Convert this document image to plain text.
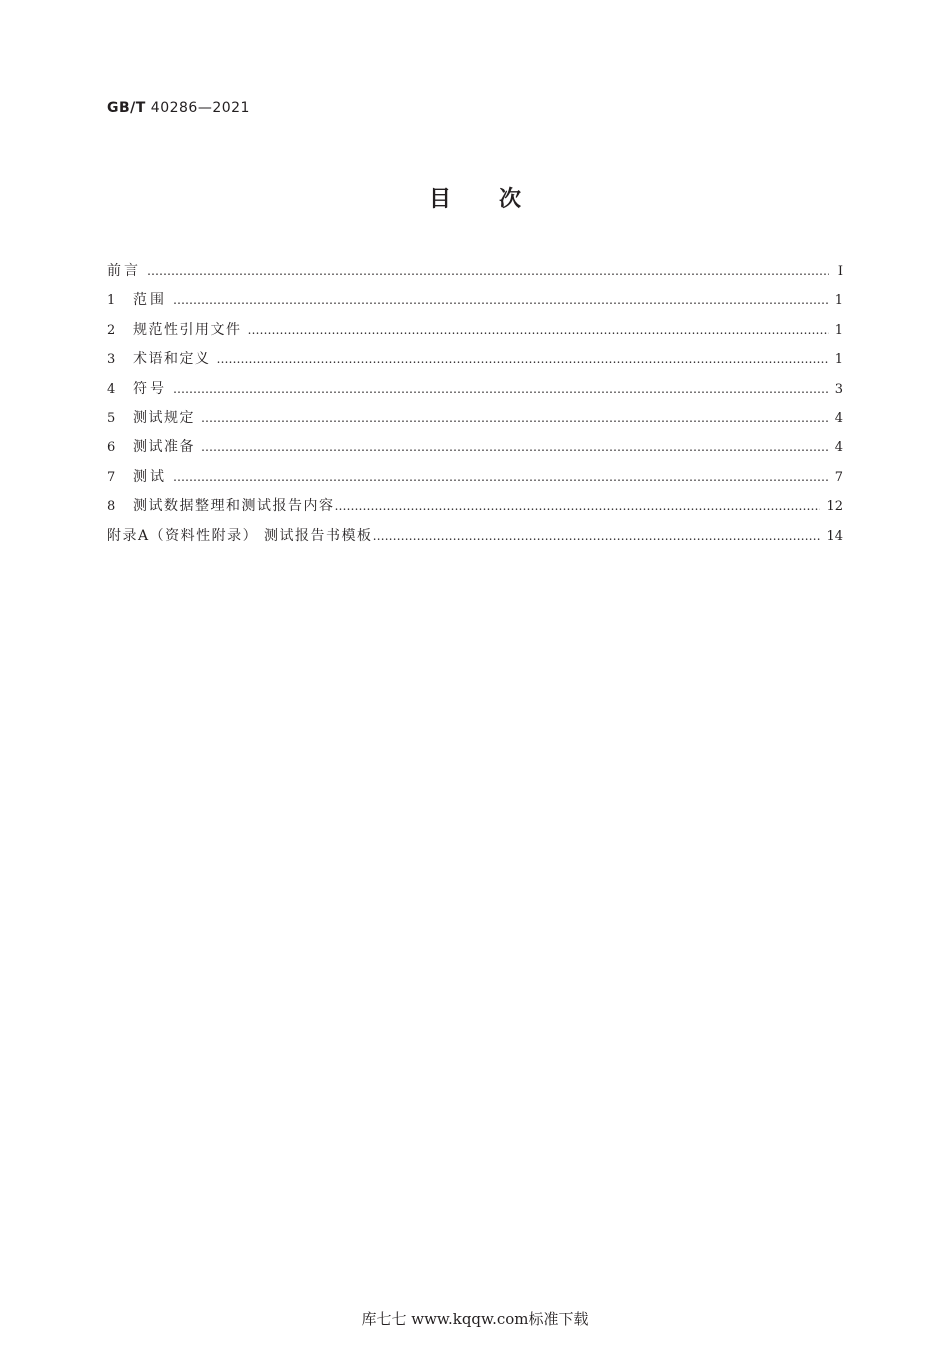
GB/T 40286—2021
目次
前言 ……………………………………………………………………………………………………………………………………………………………………………………………………	Ⅰ
1	范围 ……………………………………………………………………………………………………………………………………………………………………………………………………	1
2	规范性引用文件 ……………………………………………………………………………………………………………………………………………………………………………………………………	1
3	术语和定义 ……………………………………………………………………………………………………………………………………………………………………………………………………	1
4	符号 ……………………………………………………………………………………………………………………………………………………………………………………………………	3
5	测试规定 ……………………………………………………………………………………………………………………………………………………………………………………………………	4
6	测试准备 ……………………………………………………………………………………………………………………………………………………………………………………………………	4
7	测试 ……………………………………………………………………………………………………………………………………………………………………………………………………	7
8	测试数据整理和测试报告内容 ……………………………………………………………………………………………………………………………………………………………………………………………………	12
附录A（资料性附录） 测试报告书模板 ……………………………………………………………………………………………………………………………………………………………………………………………………	14
库七七 www.kqqw.com标准下载
